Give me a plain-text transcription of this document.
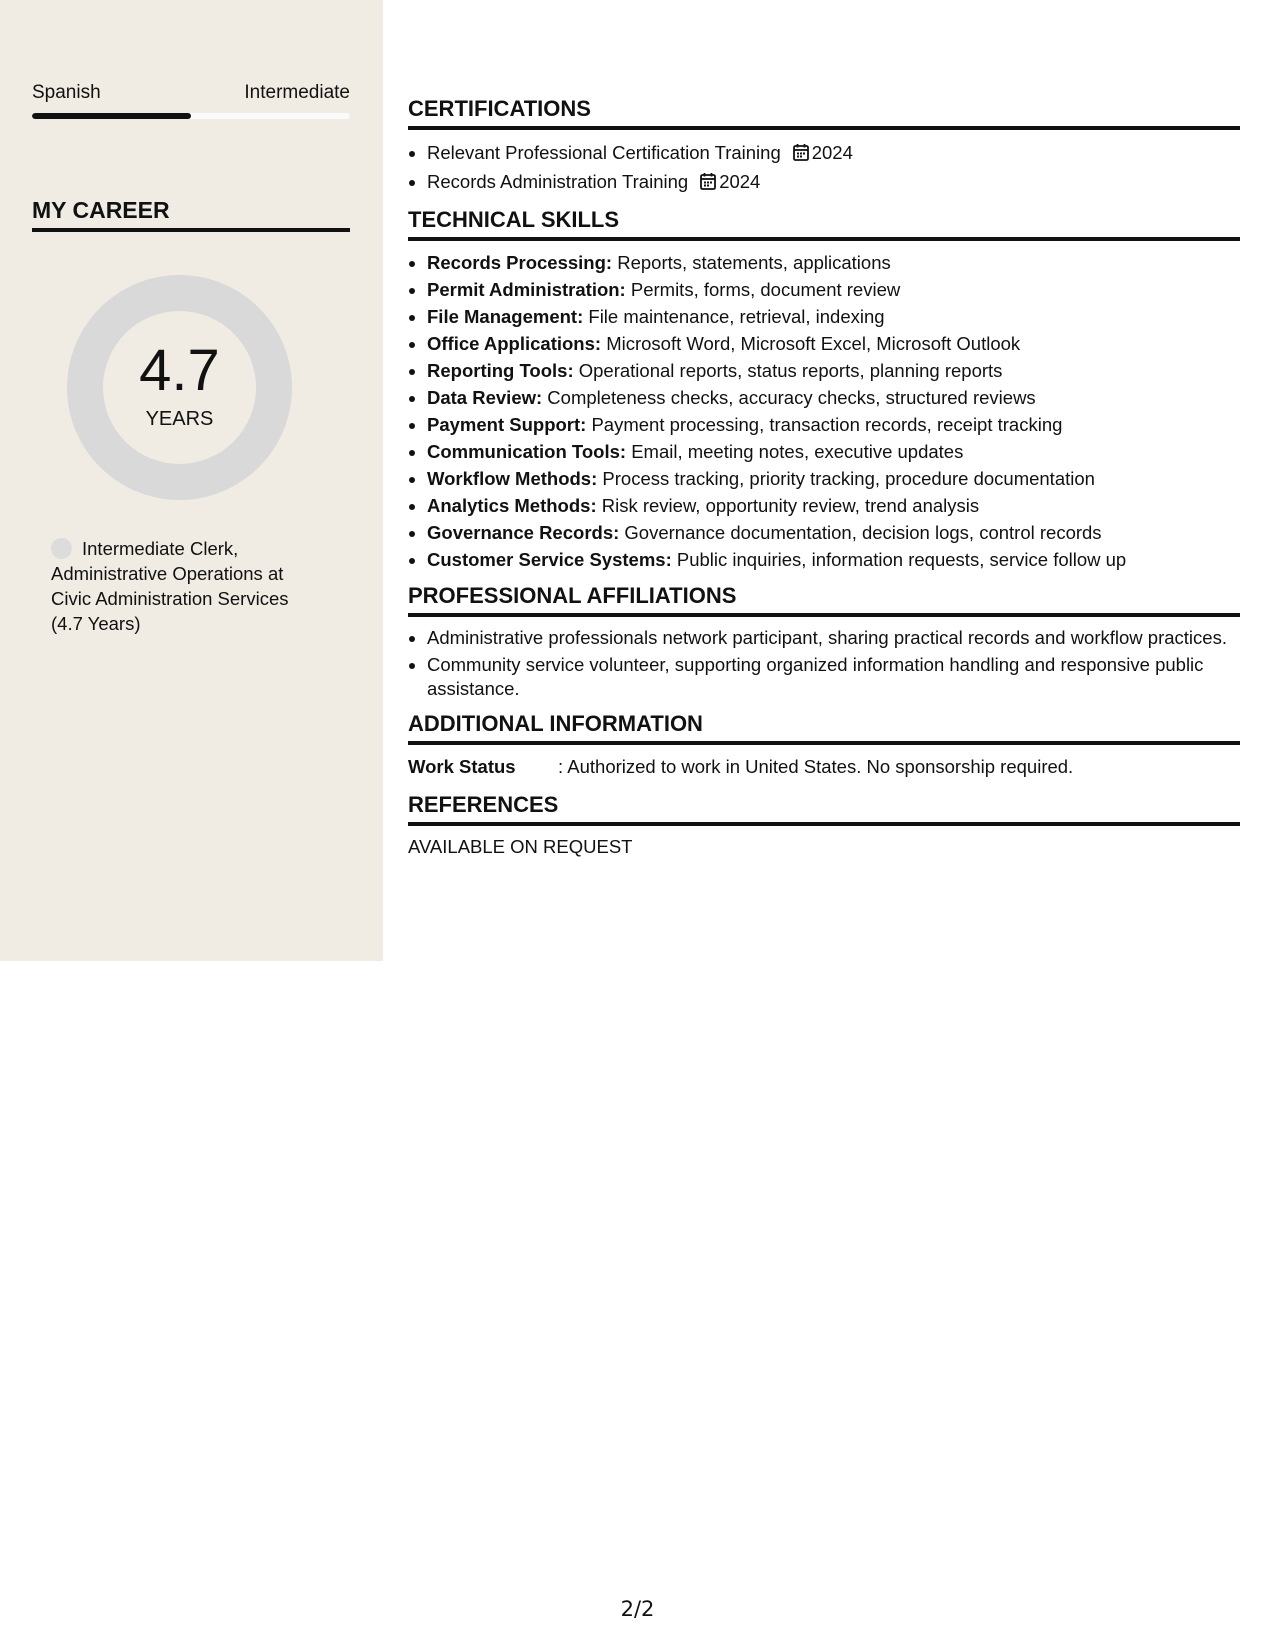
Spanish	Intermediate
MY CAREER
4.7
YEARS
Intermediate Clerk, Administrative Operations at Civic Administration Services (4.7 Years)
CERTIFICATIONS
• Relevant Professional Certification Training 2024
• Records Administration Training 2024
TECHNICAL SKILLS
• Records Processing: Reports, statements, applications
• Permit Administration: Permits, forms, document review
• File Management: File maintenance, retrieval, indexing
• Office Applications: Microsoft Word, Microsoft Excel, Microsoft Outlook
• Reporting Tools: Operational reports, status reports, planning reports
• Data Review: Completeness checks, accuracy checks, structured reviews
• Payment Support: Payment processing, transaction records, receipt tracking
• Communication Tools: Email, meeting notes, executive updates
• Workflow Methods: Process tracking, priority tracking, procedure documentation
• Analytics Methods: Risk review, opportunity review, trend analysis
• Governance Records: Governance documentation, decision logs, control records
• Customer Service Systems: Public inquiries, information requests, service follow up
PROFESSIONAL AFFILIATIONS
• Administrative professionals network participant, sharing practical records and workflow practices.
• Community service volunteer, supporting organized information handling and responsive public assistance.
ADDITIONAL INFORMATION
Work Status : Authorized to work in United States. No sponsorship required.
REFERENCES

AVAILABLE ON REQUEST

2/2
